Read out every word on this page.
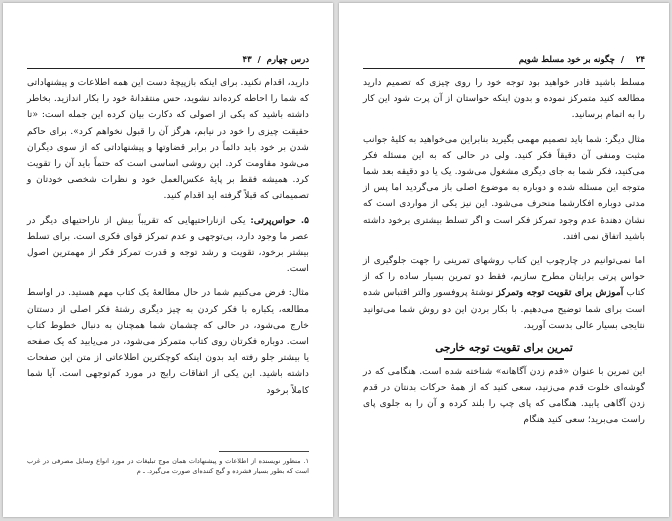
درس چهارم  /  ۴۳

دارید، اقدام نکنید. برای اینکه بازپیچهٔ دست این همه اطلاعات و پیشنهاداتی که شما را احاطه کرده‌اند نشوید، حس منتقدانهٔ خود را بکار اندازید. بخاطر داشته باشید که یکی از اصولی که دکارت بیان کرده این جمله است: «تا حقیقت چیزی را خود در نیابم، هرگز آن را قبول نخواهم کرد». برای حاکم شدن بر خود باید دائماً در برابر قضاوتها و پیشنهاداتی که از سوی دیگران می‌شود مقاومت کرد. این روشی اساسی است که حتماً باید آن را تقویت کرد. همیشه فقط بر پایهٔ عکس‌العمل خود و نظرات شخصی خودتان و تصمیماتی که قبلاً گرفته اید اقدام کنید.

۵. حواس‌پرتی: یکی ازناراحتیهایی که تقریباً بیش از ناراحتیهای دیگر در عصر ما وجود دارد، بی‌توجهی و عدم تمرکز قوای فکری است. برای تسلط بیشتر برخود، تقویت و رشد توجه و قدرت تمرکز فکر از مهمترین اصول است.

مثال: فرض می‌کنیم شما در حال مطالعهٔ یک کتاب مهم هستید. در اواسط مطالعه، یکباره با فکر کردن به چیز دیگری رشتهٔ فکر اصلی از دستتان خارج می‌شود، در حالی که چشمان شما همچنان به دنبال خطوط کتاب است. دوباره فکرتان روی کتاب متمرکز می‌شود، در می‌یابید که یک صفحه یا بیشتر جلو رفته اید بدون اینکه کوچکترین اطلاعاتی از متن این صفحات داشته باشید. این یکی از اتفاقات رایج در مورد کم‌توجهی است. آیا شما کاملاً برخود

۱. منظور نویسنده از اطلاعات و پیشنهادات همان موج تبلیغات در مورد انواع وسایل مصرفی در غرب است که بطور بسیار فشرده و گیج کننده‌ای صورت می‌گیرد. ـ م
۲۴  /  چگونه بر خود مسلط شویم

مسلط باشید قادر خواهید بود توجه خود را روی چیزی که تصمیم دارید مطالعه کنید متمرکز نموده و بدون اینکه حواستان از آن پرت شود این کار را به اتمام برسانید.

مثال دیگر: شما باید تصمیم مهمی بگیرید بنابراین می‌خواهید به کلیهٔ جوانب مثبت ومنفی آن دقیقاً فکر کنید. ولی در حالی که به این مسئله فکر می‌کنید، فکر شما به جای دیگری مشغول می‌شود. یک یا دو دقیقه بعد شما متوجه این مسئله شده و دوباره به موضوع اصلی باز می‌گردید اما پس از مدتی دوباره افکارشما منحرف می‌شود. این نیز یکی از مواردی است که نشان دهندهٔ عدم وجود تمرکز فکر است و اگر تسلط بیشتری برخود داشته باشید اتفاق نمی افتد.

اما نمی‌توانیم در چارچوب این کتاب روشهای تمرینی را جهت جلوگیری از حواس پرتی برایتان مطرح سازیم، فقط دو تمرین بسیار ساده را که از کتاب آموزش برای تقویت توجه وتمرکز نوشتهٔ پروفسور والتر اقتباس شده است برای شما توضیح می‌دهیم. با بکار بردن این دو روش شما می‌توانید نتایجی بسیار عالی بدست آورید.

تمرین برای تقویت توجه خارجی

این تمرین با عنوان «قدم زدن آگاهانه» شناخته شده است. هنگامی که در گوشه‌ای خلوت قدم می‌زنید، سعی کنید که از همهٔ حرکات بدنتان در قدم زدن آگاهی یابید. هنگامی که پای چپ را بلند کرده و آن را به جلوی پای راست می‌برید؛ سعی کنید هنگام
